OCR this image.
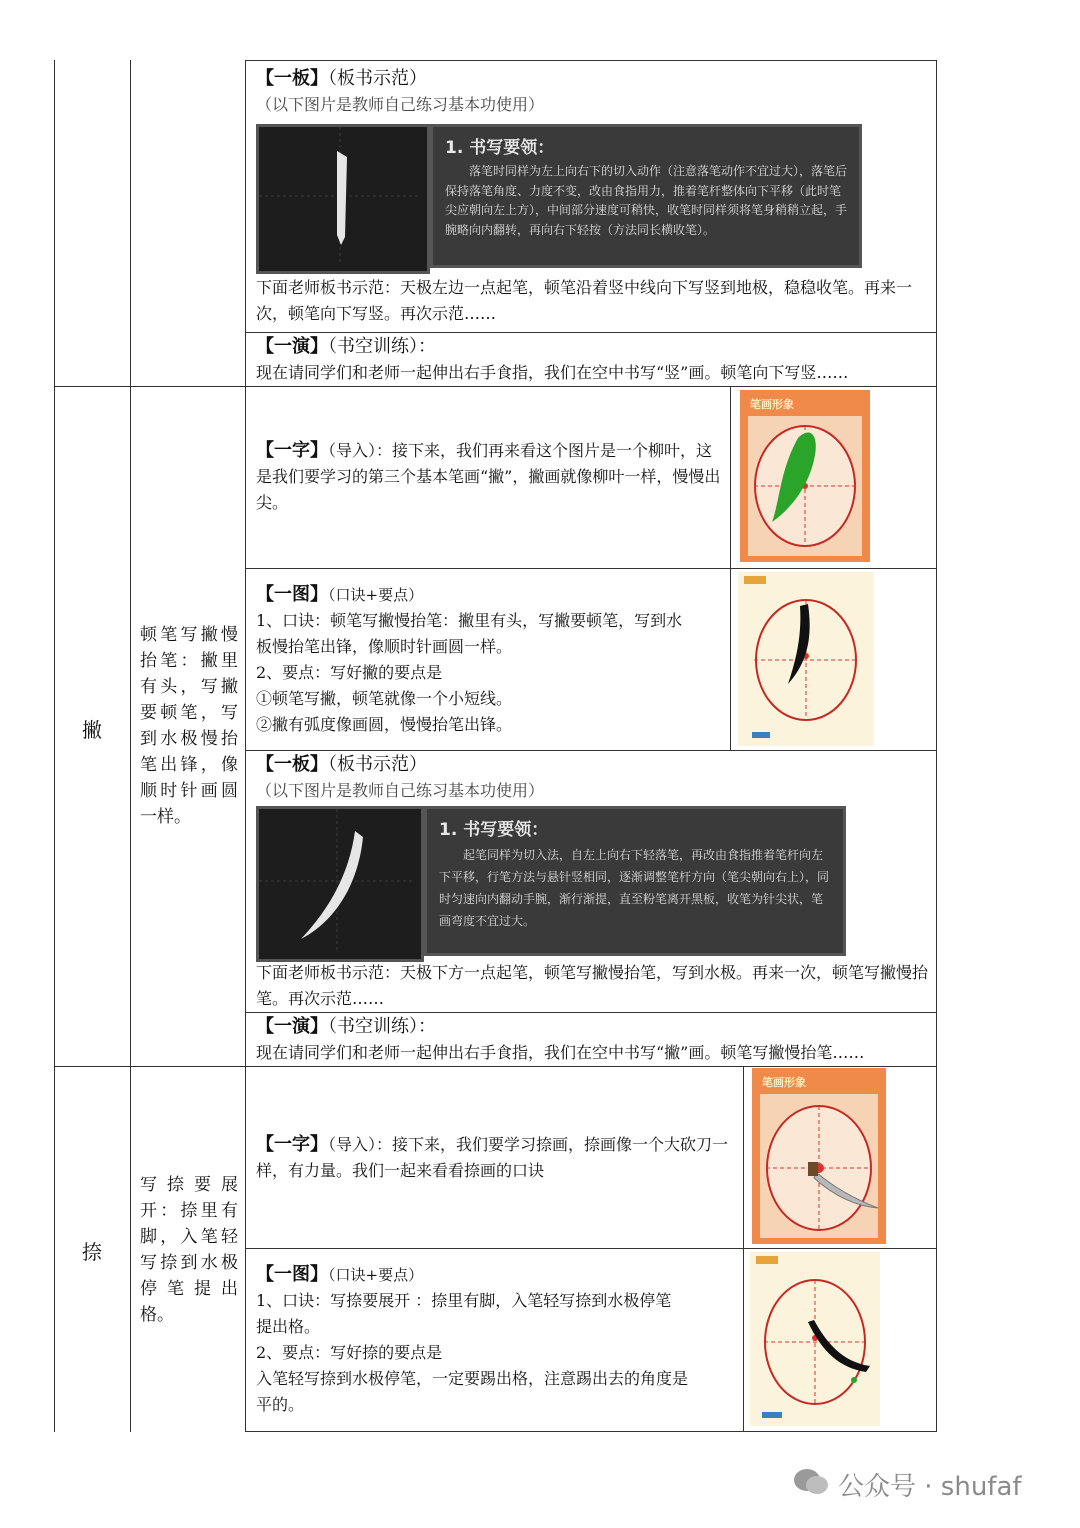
【一板】（板书示范）
（以下图片是教师自己练习基本功使用）
1. 书写要领：
落笔时同样为左上向右下的切入动作（注意落笔动作不宜过大），落笔后保持落笔角度、力度不变，改由食指用力，推着笔杆整体向下平移（此时笔尖应朝向左上方），中间部分速度可稍快，收笔时同样须将笔身稍稍立起，手腕略向内翻转，再向右下轻按（方法同长横收笔）。
下面老师板书示范：天极左边一点起笔，顿笔沿着竖中线向下写竖到地极，稳稳收笔。再来一次，顿笔向下写竖。再次示范……
【一演】（书空训练）：
现在请同学们和老师一起伸出右手食指，我们在空中书写“竖”画。顿笔向下写竖……
撇
顿笔写撇慢抬笔：撇里有头，写撇要顿笔，写到水极慢抬笔出锋，像顺时针画圆一样。
【一字】（导入）：接下来，我们再来看这个图片是一个柳叶，这是我们要学习的第三个基本笔画“撇”，撇画就像柳叶一样，慢慢出尖。
笔画形象
【一图】（口诀+要点）
1、口诀：顿笔写撇慢抬笔：撇里有头，写撇要顿笔，写到水
板慢抬笔出锋，像顺时针画圆一样。
2、要点：写好撇的要点是
①顿笔写撇，顿笔就像一个小短线。
②撇有弧度像画圆，慢慢抬笔出锋。
【一板】（板书示范）
（以下图片是教师自己练习基本功使用）
1. 书写要领：
起笔同样为切入法，自左上向右下轻落笔，再改由食指推着笔杆向左下平移，行笔方法与悬针竖相同，逐渐调整笔杆方向（笔尖朝向右上），同时匀速向内翻动手腕，渐行渐提，直至粉笔离开黑板，收笔为针尖状，笔画弯度不宜过大。
下面老师板书示范：天极下方一点起笔，顿笔写撇慢抬笔，写到水极。再来一次，顿笔写撇慢抬笔。再次示范……
【一演】（书空训练）：
现在请同学们和老师一起伸出右手食指，我们在空中书写“撇”画。顿笔写撇慢抬笔……
捺
写捺要展开：捺里有脚，入笔轻写捺到水极停笔提出格。
【一字】（导入）：接下来，我们要学习捺画，捺画像一个大砍刀一样，有力量。我们一起来看看捺画的口诀
笔画形象
【一图】（口诀+要点）
1、口诀：写捺要展开 ：捺里有脚，入笔轻写捺到水极停笔
提出格。
2、要点：写好捺的要点是
入笔轻写捺到水极停笔，一定要踢出格，注意踢出去的角度是
平的。
公众号 · shufaf
